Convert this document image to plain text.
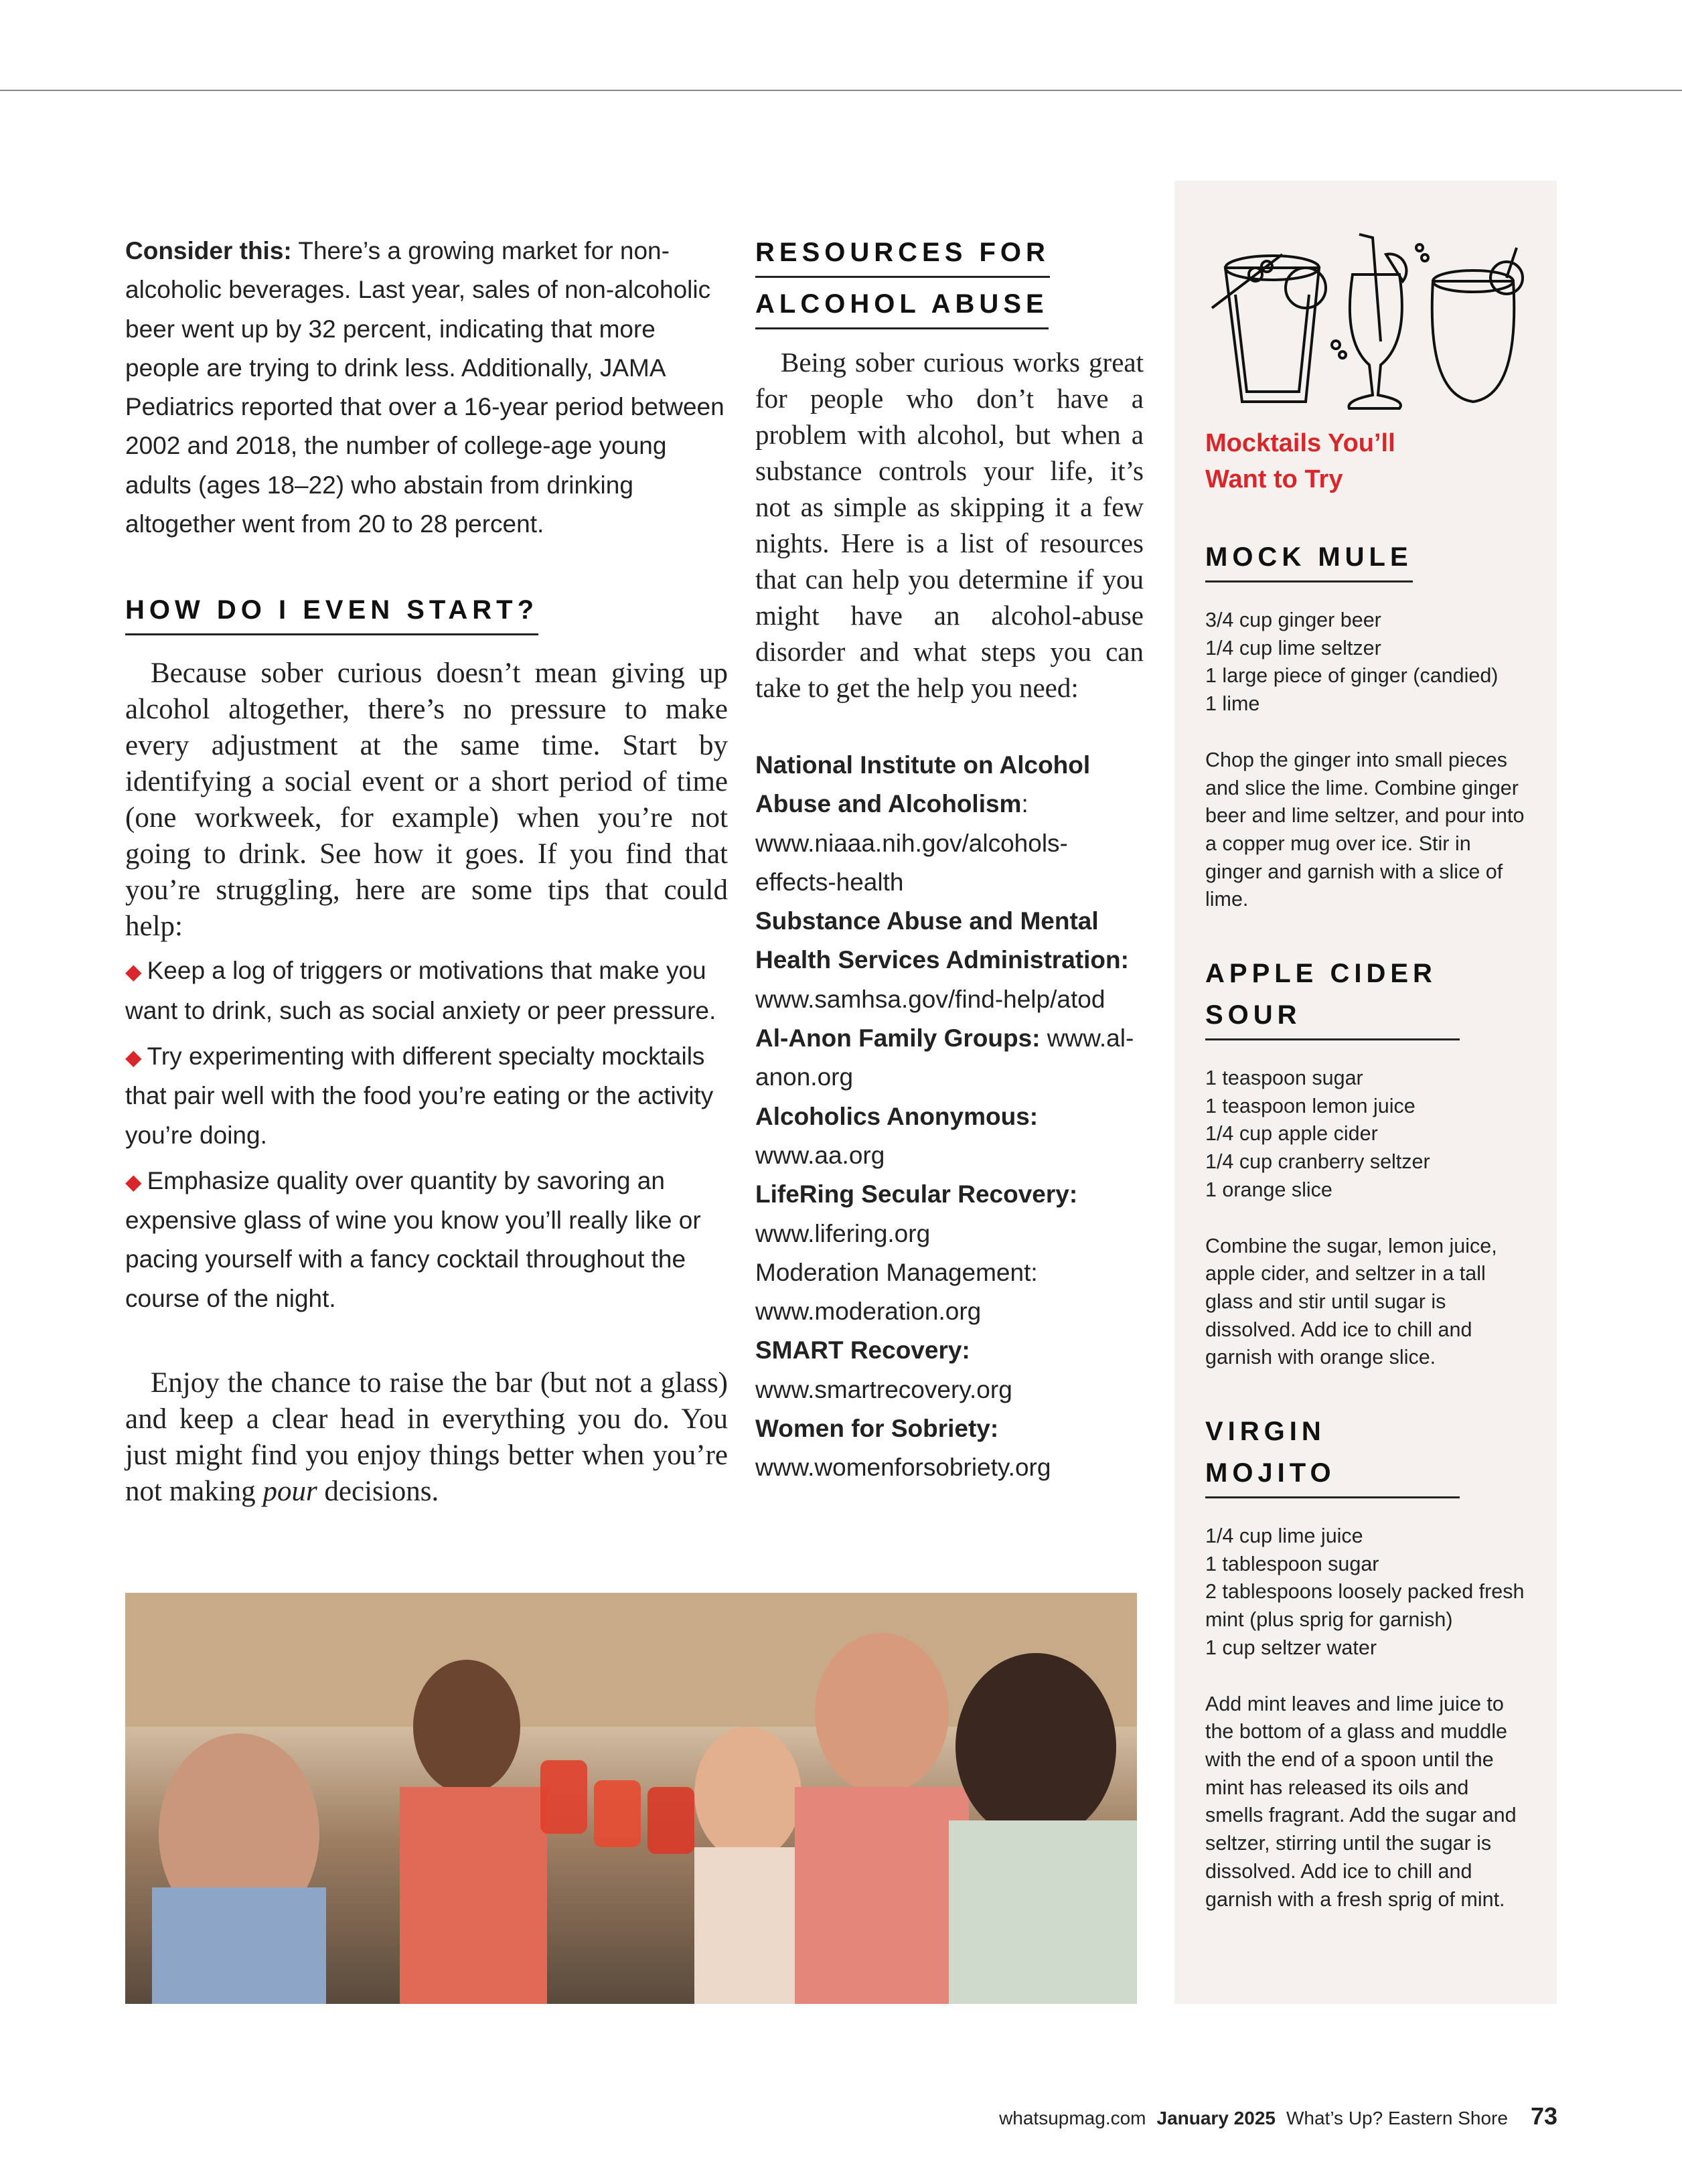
Consider this: There’s a growing market for non-alcoholic beverages. Last year, sales of non-alcoholic beer went up by 32 percent, indicating that more people are trying to drink less. Additionally, JAMA Pediatrics reported that over a 16-year period between 2002 and 2018, the number of college-age young adults (ages 18–22) who abstain from drinking altogether went from 20 to 28 percent.

HOW DO I EVEN START?

Because sober curious doesn’t mean giving up alcohol altogether, there’s no pressure to make every adjustment at the same time. Start by identifying a social event or a short period of time (one workweek, for example) when you’re not going to drink. See how it goes. If you find that you’re struggling, here are some tips that could help:

◆ Keep a log of triggers or motivations that make you want to drink, such as social anxiety or peer pressure.

◆ Try experimenting with different specialty mocktails that pair well with the food you’re eating or the activity you’re doing.

◆ Emphasize quality over quantity by savoring an expensive glass of wine you know you’ll really like or pacing yourself with a fancy cocktail throughout the course of the night.

Enjoy the chance to raise the bar (but not a glass) and keep a clear head in everything you do. You just might find you enjoy things better when you’re not making pour decisions.

RESOURCES FOR
ALCOHOL ABUSE

Being sober curious works great for people who don’t have a problem with alcohol, but when a substance controls your life, it’s not as simple as skipping it a few nights. Here is a list of resources that can help you determine if you might have an alcohol-abuse disorder and what steps you can take to get the help you need:

National Institute on Alcohol Abuse and Alcoholism: www.niaaa.nih.gov/alcohols-effects-health

Substance Abuse and Mental Health Services Administration: www.samhsa.gov/find-help/atod

Al-Anon Family Groups: www.al-anon.org

Alcoholics Anonymous: www.aa.org

LifeRing Secular Recovery: www.lifering.org

Moderation Management: www.moderation.org

SMART Recovery: www.smartrecovery.org

Women for Sobriety: www.womenforsobriety.org

Mocktails You’ll
Want to Try
MOCK MULE
3/4 cup ginger beer
1/4 cup lime seltzer
1 large piece of ginger (candied)
1 lime
Chop the ginger into small pieces and slice the lime. Combine ginger beer and lime seltzer, and pour into a copper mug over ice. Stir in ginger and garnish with a slice of lime.
APPLE CIDER SOUR
1 teaspoon sugar
1 teaspoon lemon juice
1/4 cup apple cider
1/4 cup cranberry seltzer
1 orange slice
Combine the sugar, lemon juice, apple cider, and seltzer in a tall glass and stir until sugar is dissolved. Add ice to chill and garnish with orange slice.
VIRGIN MOJITO
1/4 cup lime juice
1 tablespoon sugar
2 tablespoons loosely packed fresh mint (plus sprig for garnish)
1 cup seltzer water
Add mint leaves and lime juice to the bottom of a glass and muddle with the end of a spoon until the mint has released its oils and smells fragrant. Add the sugar and seltzer, stirring until the sugar is dissolved. Add ice to chill and garnish with a fresh sprig of mint.
whatsupmag.com January 2025 What’s Up? Eastern Shore 73
